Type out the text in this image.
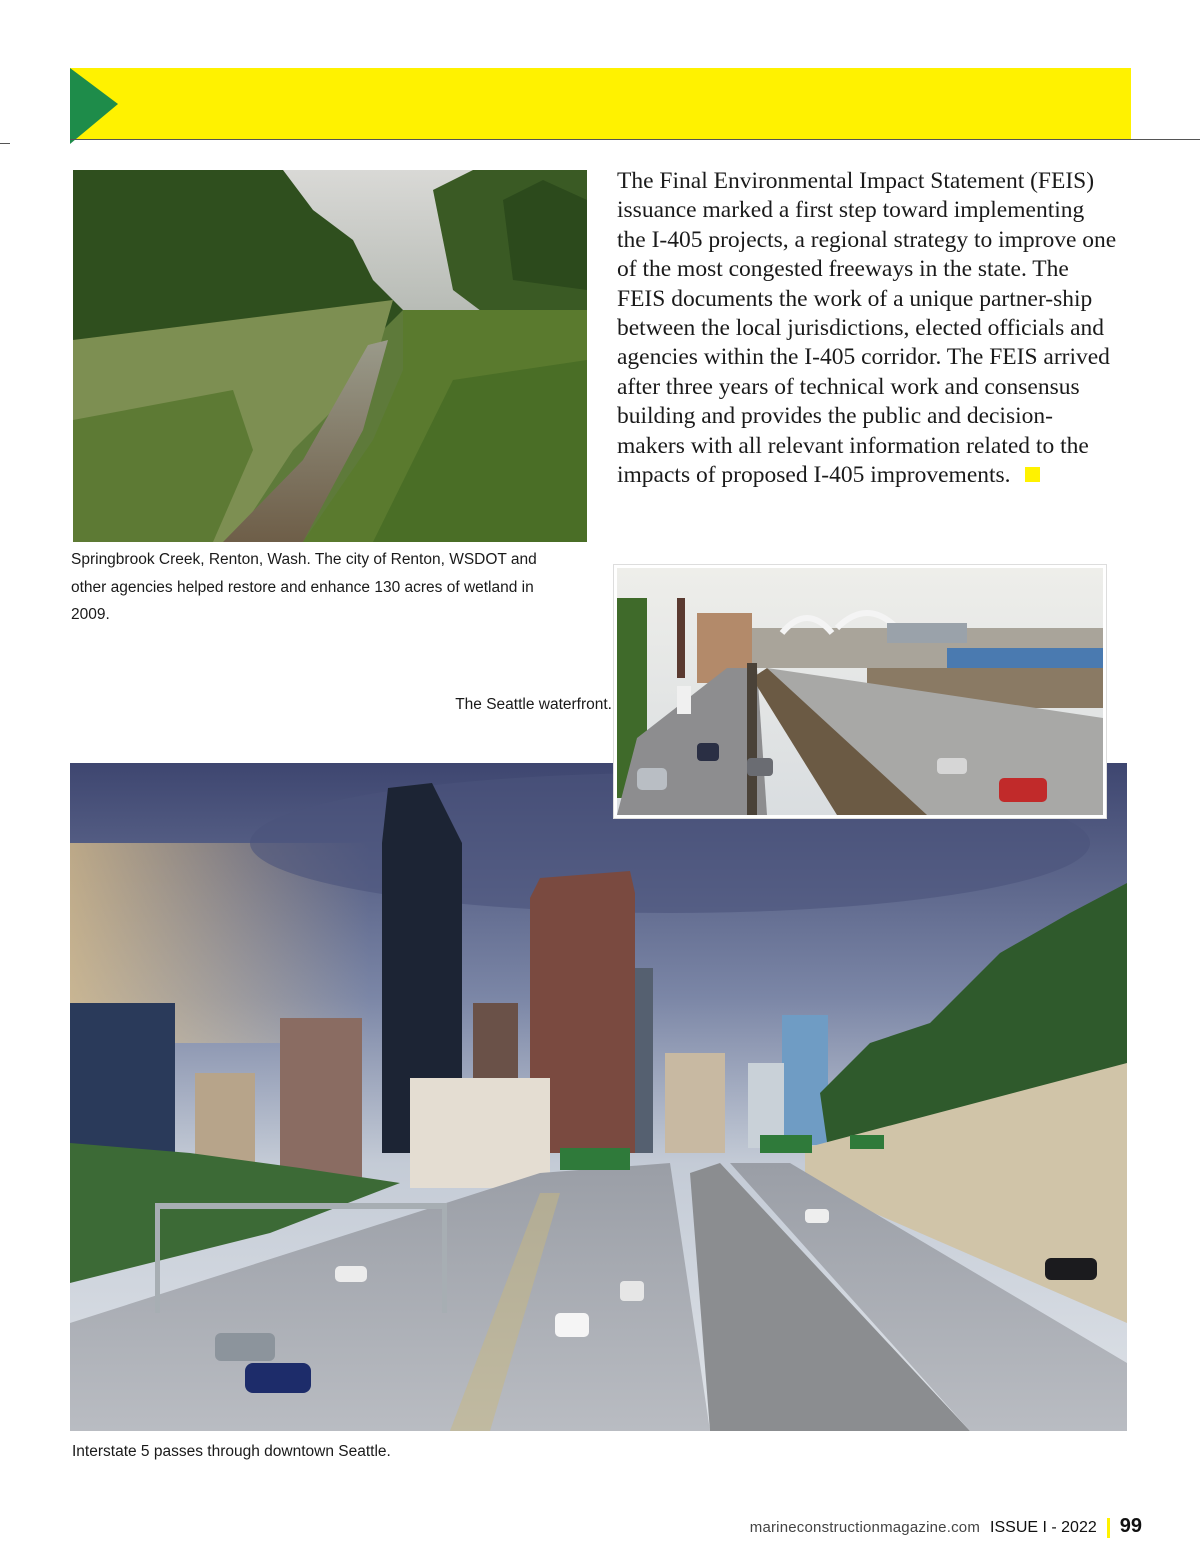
The Final Environmental Impact Statement (FEIS) issuance marked a first step toward implementing the I-405 projects, a regional strategy to improve one of the most congested freeways in the state. The FEIS documents the work of a unique partner-ship between the local jurisdictions, elected officials and agencies within the I-405 corridor. The FEIS arrived after three years of technical work and consensus building and provides the public and decision-makers with all relevant information related to the impacts of proposed I-405 improvements.

Springbrook Creek, Renton, Wash. The city of Renton, WSDOT and other agencies helped restore and enhance 130 acres of wetland in 2009.

The Seattle waterfront.

Interstate 5 passes through downtown Seattle.

marineconstructionmagazine.com ISSUE I - 2022 99
